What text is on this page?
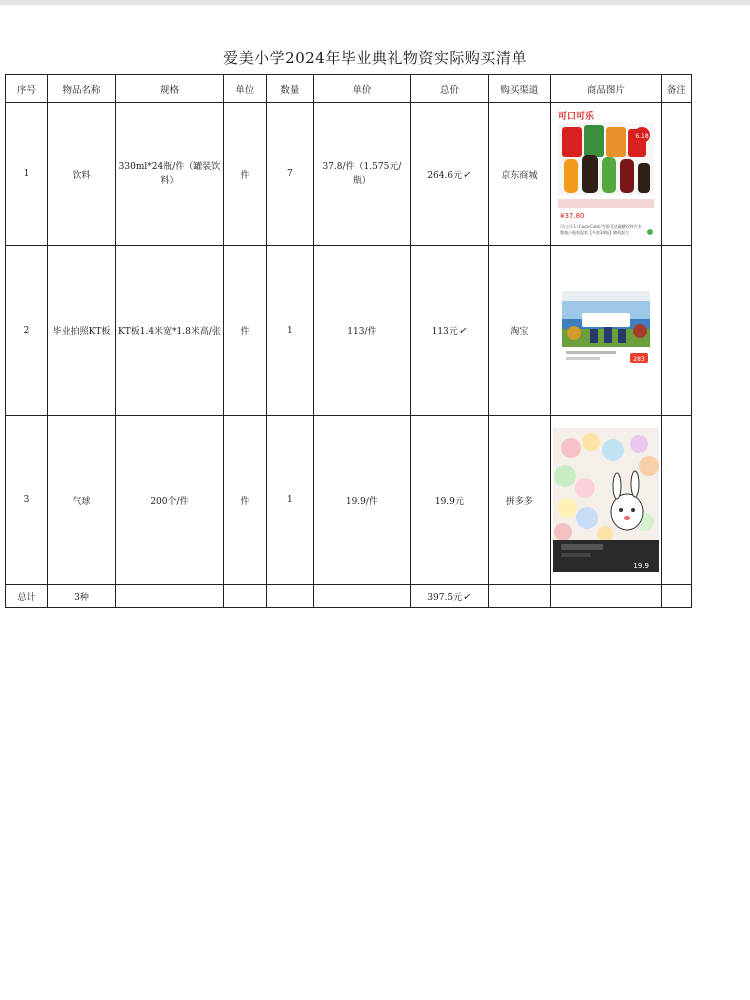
爱美小学2024年毕业典礼物资实际购买清单
序号	物品名称	规格	单位	数量	单价	总价	购买渠道	商品图片	备注
1	饮料	330ml*24瓶/件（罐装饮料）	件	7	37.8/件（1.575元/瓶）	264.6元✓	京东商城	可口可乐
6.18
¥37.80
可口可乐 (Coca-Cola) 雪碧芬达碳酸饮料汽水
整箱小瓶装混装【多款24瓶】随机混合	

2	毕业拍照KT板	KT板1.4米宽*1.8米高/张	件	1	113/件	113元✓	淘宝	283	

3	气球	200个/件	件	1	19.9/件	19.9元	拼多多	19.9	

总计	3种					397.5元✓			
